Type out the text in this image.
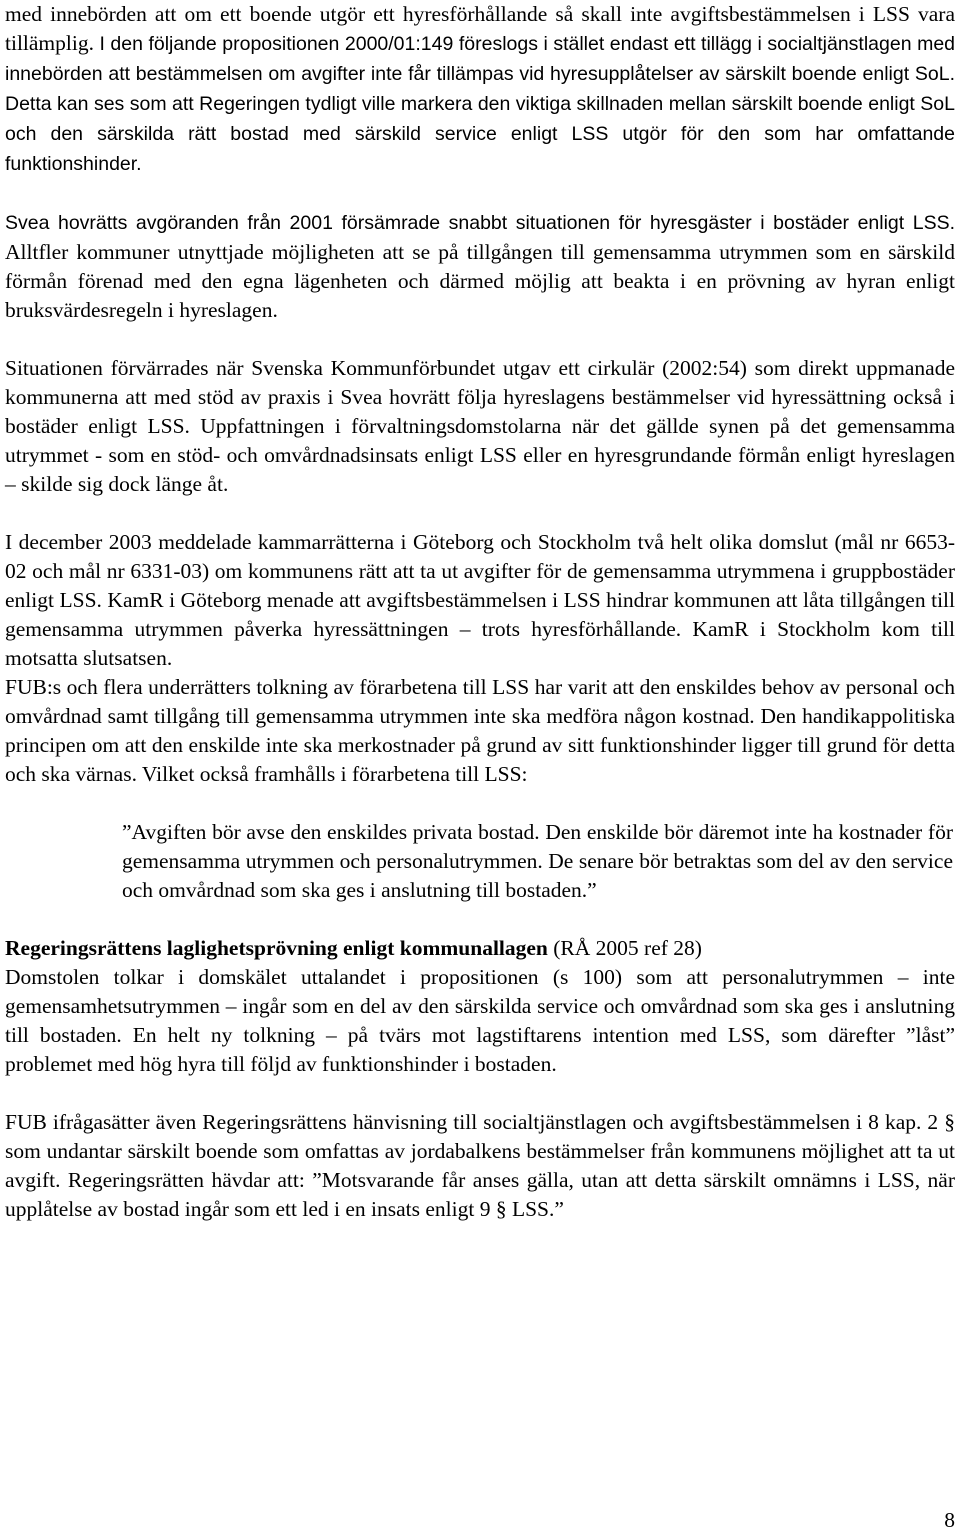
med innebörden att om ett boende utgör ett hyresförhållande så skall inte avgiftsbestämmelsen i LSS vara tillämplig. I den följande propositionen 2000/01:149 föreslogs i stället endast ett tillägg i socialtjänstlagen med innebörden att bestämmelsen om avgifter inte får tillämpas vid hyresupplåtelser av särskilt boende enligt SoL. Detta kan ses som att Regeringen tydligt ville markera den viktiga skillnaden mellan särskilt boende enligt SoL och den särskilda rätt bostad med särskild service enligt LSS utgör för den som har omfattande funktionshinder.

Svea hovrätts avgöranden från 2001 försämrade snabbt situationen för hyresgäster i bostäder enligt LSS. Alltfler kommuner utnyttjade möjligheten att se på tillgången till gemensamma utrymmen som en särskild förmån förenad med den egna lägenheten och därmed möjlig att beakta i en prövning av hyran enligt bruksvärdesregeln i hyreslagen.

Situationen förvärrades när Svenska Kommunförbundet utgav ett cirkulär (2002:54) som direkt uppmanade kommunerna att med stöd av praxis i Svea hovrätt följa hyreslagens bestämmelser vid hyressättning också i bostäder enligt LSS. Uppfattningen i förvaltningsdomstolarna när det gällde synen på det gemensamma utrymmet - som en stöd- och omvårdnadsinsats enligt LSS eller en hyresgrundande förmån enligt hyreslagen – skilde sig dock länge åt.

I december 2003 meddelade kammarrätterna i Göteborg och Stockholm två helt olika domslut (mål nr 6653-02 och mål nr 6331-03) om kommunens rätt att ta ut avgifter för de gemensamma utrymmena i gruppbostäder enligt LSS. KamR i Göteborg menade att avgiftsbestämmelsen i LSS hindrar kommunen att låta tillgången till gemensamma utrymmen påverka hyressättningen – trots hyresförhållande. KamR i Stockholm kom till motsatta slutsatsen.

FUB:s och flera underrätters tolkning av förarbetena till LSS har varit att den enskildes behov av personal och omvårdnad samt tillgång till gemensamma utrymmen inte ska medföra någon kostnad. Den handikappolitiska principen om att den enskilde inte ska merkostnader på grund av sitt funktionshinder ligger till grund för detta och ska värnas. Vilket också framhålls i förarbetena till LSS:

”Avgiften bör avse den enskildes privata bostad. Den enskilde bör däremot inte ha kostnader för gemensamma utrymmen och personalutrymmen. De senare bör betraktas som del av den service och omvårdnad som ska ges i anslutning till bostaden.”

Regeringsrättens laglighetsprövning enligt kommunallagen (RÅ 2005 ref 28)

Domstolen tolkar i domskälet uttalandet i propositionen (s 100) som att personalutrymmen – inte gemensamhetsutrymmen – ingår som en del av den särskilda service och omvårdnad som ska ges i anslutning till bostaden. En helt ny tolkning – på tvärs mot lagstiftarens intention med LSS, som därefter ”låst” problemet med hög hyra till följd av funktionshinder i bostaden.

FUB ifrågasätter även Regeringsrättens hänvisning till socialtjänstlagen och avgiftsbestämmelsen i 8 kap. 2 § som undantar särskilt boende som omfattas av jordabalkens bestämmelser från kommunens möjlighet att ta ut avgift. Regeringsrätten hävdar att: ”Motsvarande får anses gälla, utan att detta särskilt omnämns i LSS, när upplåtelse av bostad ingår som ett led i en insats enligt 9 § LSS.”

8
